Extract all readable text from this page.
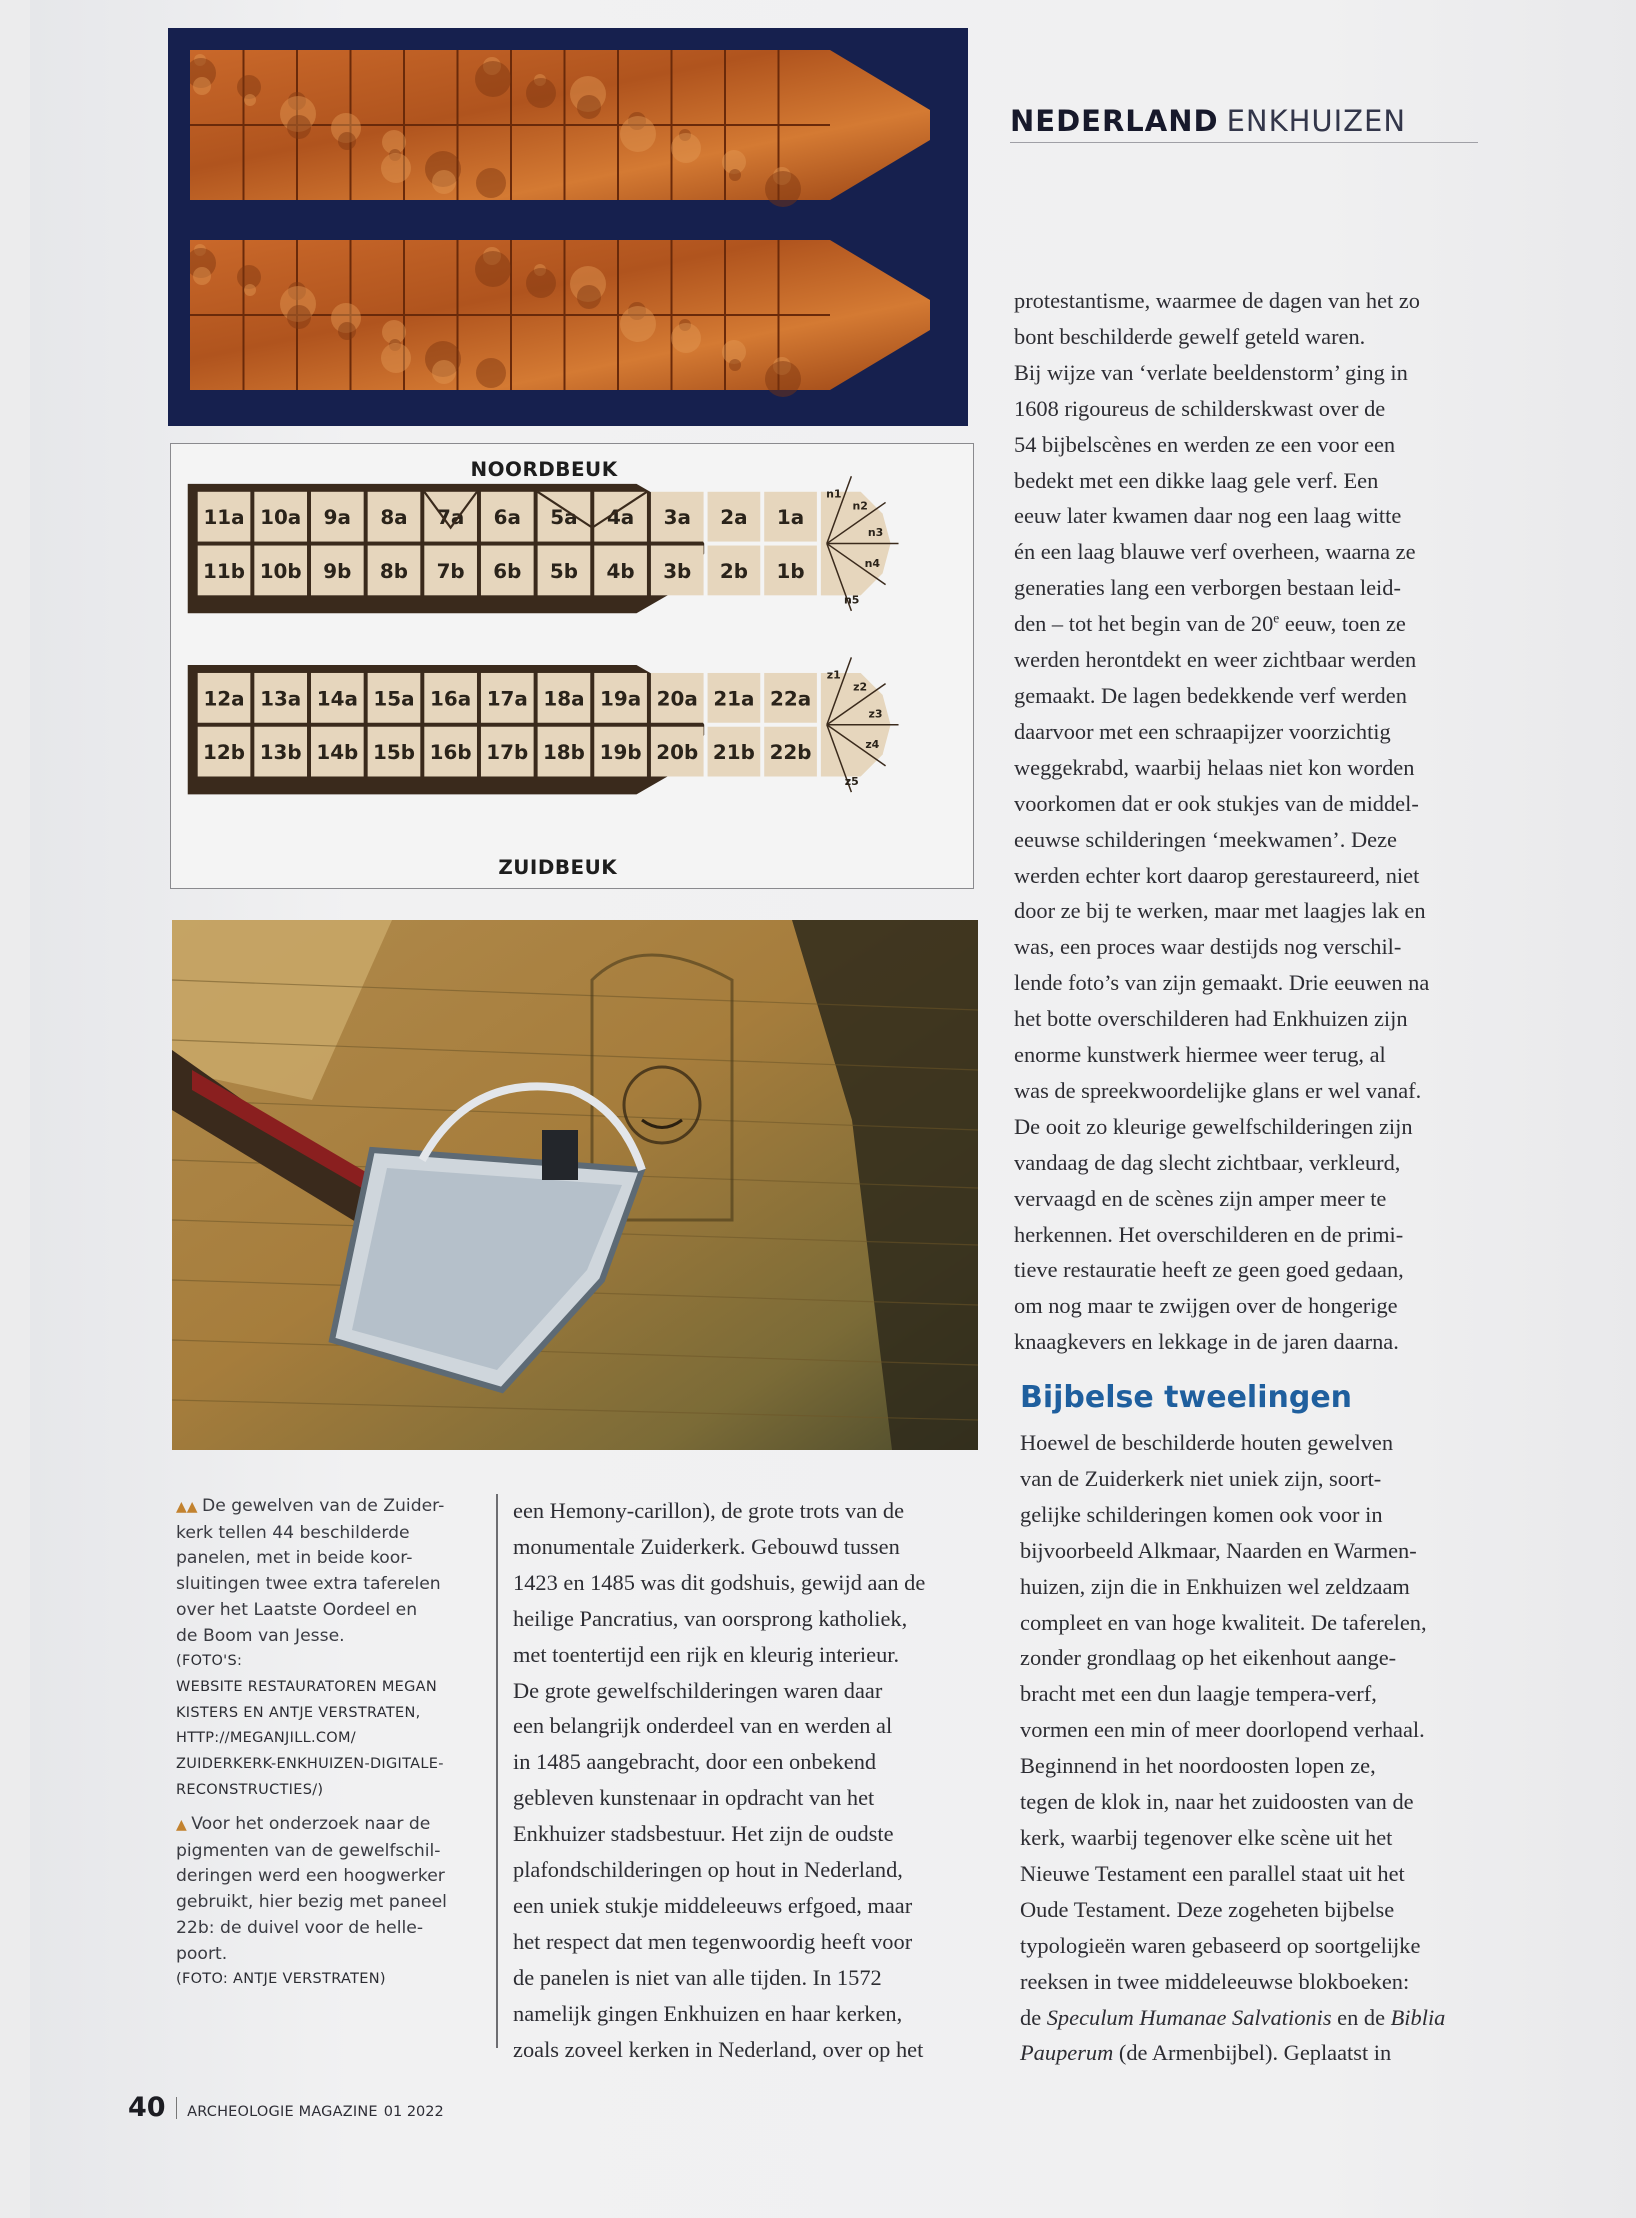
NOORDBEUK
ZUIDBEUK
11a 10a 9a 8a 7a 6a 5a 4a 3a 2a 1a
11b 10b 9b 8b 7b 6b 5b 4b 3b 2b 1b
n1
n2
n3
n4
n5
12a 13a 14a 15a 16a 17a 18a 19a 20a 21a 22a
12b 13b 14b 15b 16b 17b 18b 19b 20b 21b 22b
z1
z2
z3
z4
z5
NEDERLAND ENKHUIZEN
protestantisme, waarmee de dagen van het zo
bont beschilderde gewelf geteld waren.
Bij wijze van ‘verlate beeldenstorm’ ging in
1608 rigoureus de schilderskwast over de
54 bijbelscènes en werden ze een voor een
bedekt met een dikke laag gele verf. Een
eeuw later kwamen daar nog een laag witte
én een laag blauwe verf overheen, waarna ze
generaties lang een verborgen bestaan leid-
den – tot het begin van de 20e eeuw, toen ze
werden herontdekt en weer zichtbaar werden
gemaakt. De lagen bedekkende verf werden
daarvoor met een schraapijzer voorzichtig
weggekrabd, waarbij helaas niet kon worden
voorkomen dat er ook stukjes van de middel-
eeuwse schilderingen ‘meekwamen’. Deze
werden echter kort daarop gerestaureerd, niet
door ze bij te werken, maar met laagjes lak en
was, een proces waar destijds nog verschil-
lende foto’s van zijn gemaakt. Drie eeuwen na
het botte overschilderen had Enkhuizen zijn
enorme kunstwerk hiermee weer terug, al
was de spreekwoordelijke glans er wel vanaf.
De ooit zo kleurige gewelfschilderingen zijn
vandaag de dag slecht zichtbaar, verkleurd,
vervaagd en de scènes zijn amper meer te
herkennen. Het overschilderen en de primi-
tieve restauratie heeft ze geen goed gedaan,
om nog maar te zwijgen over de hongerige
knaagkevers en lekkage in de jaren daarna.
Bijbelse tweelingen
Hoewel de beschilderde houten gewelven
van de Zuiderkerk niet uniek zijn, soort-
gelijke schilderingen komen ook voor in
bijvoorbeeld Alkmaar, Naarden en Warmen-
huizen, zijn die in Enkhuizen wel zeldzaam
compleet en van hoge kwaliteit. De taferelen,
zonder grondlaag op het eikenhout aange-
bracht met een dun laagje tempera-verf,
vormen een min of meer doorlopend verhaal.
Beginnend in het noordoosten lopen ze,
tegen de klok in, naar het zuidoosten van de
kerk, waarbij tegenover elke scène uit het
Nieuwe Testament een parallel staat uit het
Oude Testament. Deze zogeheten bijbelse
typologieën waren gebaseerd op soortgelijke
reeksen in twee middeleeuwse blokboeken:
de Speculum Humanae Salvationis en de Biblia
Pauperum (de Armenbijbel). Geplaatst in
een Hemony-carillon), de grote trots van de
monumentale Zuiderkerk. Gebouwd tussen
1423 en 1485 was dit godshuis, gewijd aan de
heilige Pancratius, van oorsprong katholiek,
met toentertijd een rijk en kleurig interieur.
De grote gewelfschilderingen waren daar
een belangrijk onderdeel van en werden al
in 1485 aangebracht, door een onbekend
gebleven kunstenaar in opdracht van het
Enkhuizer stadsbestuur. Het zijn de oudste
plafondschilderingen op hout in Nederland,
een uniek stukje middeleeuws erfgoed, maar
het respect dat men tegenwoordig heeft voor
de panelen is niet van alle tijden. In 1572
namelijk gingen Enkhuizen en haar kerken,
zoals zoveel kerken in Nederland, over op het
▲▲ De gewelven van de Zuider-
kerk tellen 44 beschilderde
panelen, met in beide koor-
sluitingen twee extra taferelen
over het Laatste Oordeel en
de Boom van Jesse.
(FOTO'S:
WEBSITE RESTAURATOREN MEGAN
KISTERS EN ANTJE VERSTRATEN,
HTTP://MEGANJILL.COM/
ZUIDERKERK-ENKHUIZEN-DIGITALE-
RECONSTRUCTIES/)
▲ Voor het onderzoek naar de
pigmenten van de gewelfschil-
deringen werd een hoogwerker
gebruikt, hier bezig met paneel
22b: de duivel voor de helle-
poort.
(FOTO: ANTJE VERSTRATEN)
40 ARCHEOLOGIE MAGAZINE 01 2022
